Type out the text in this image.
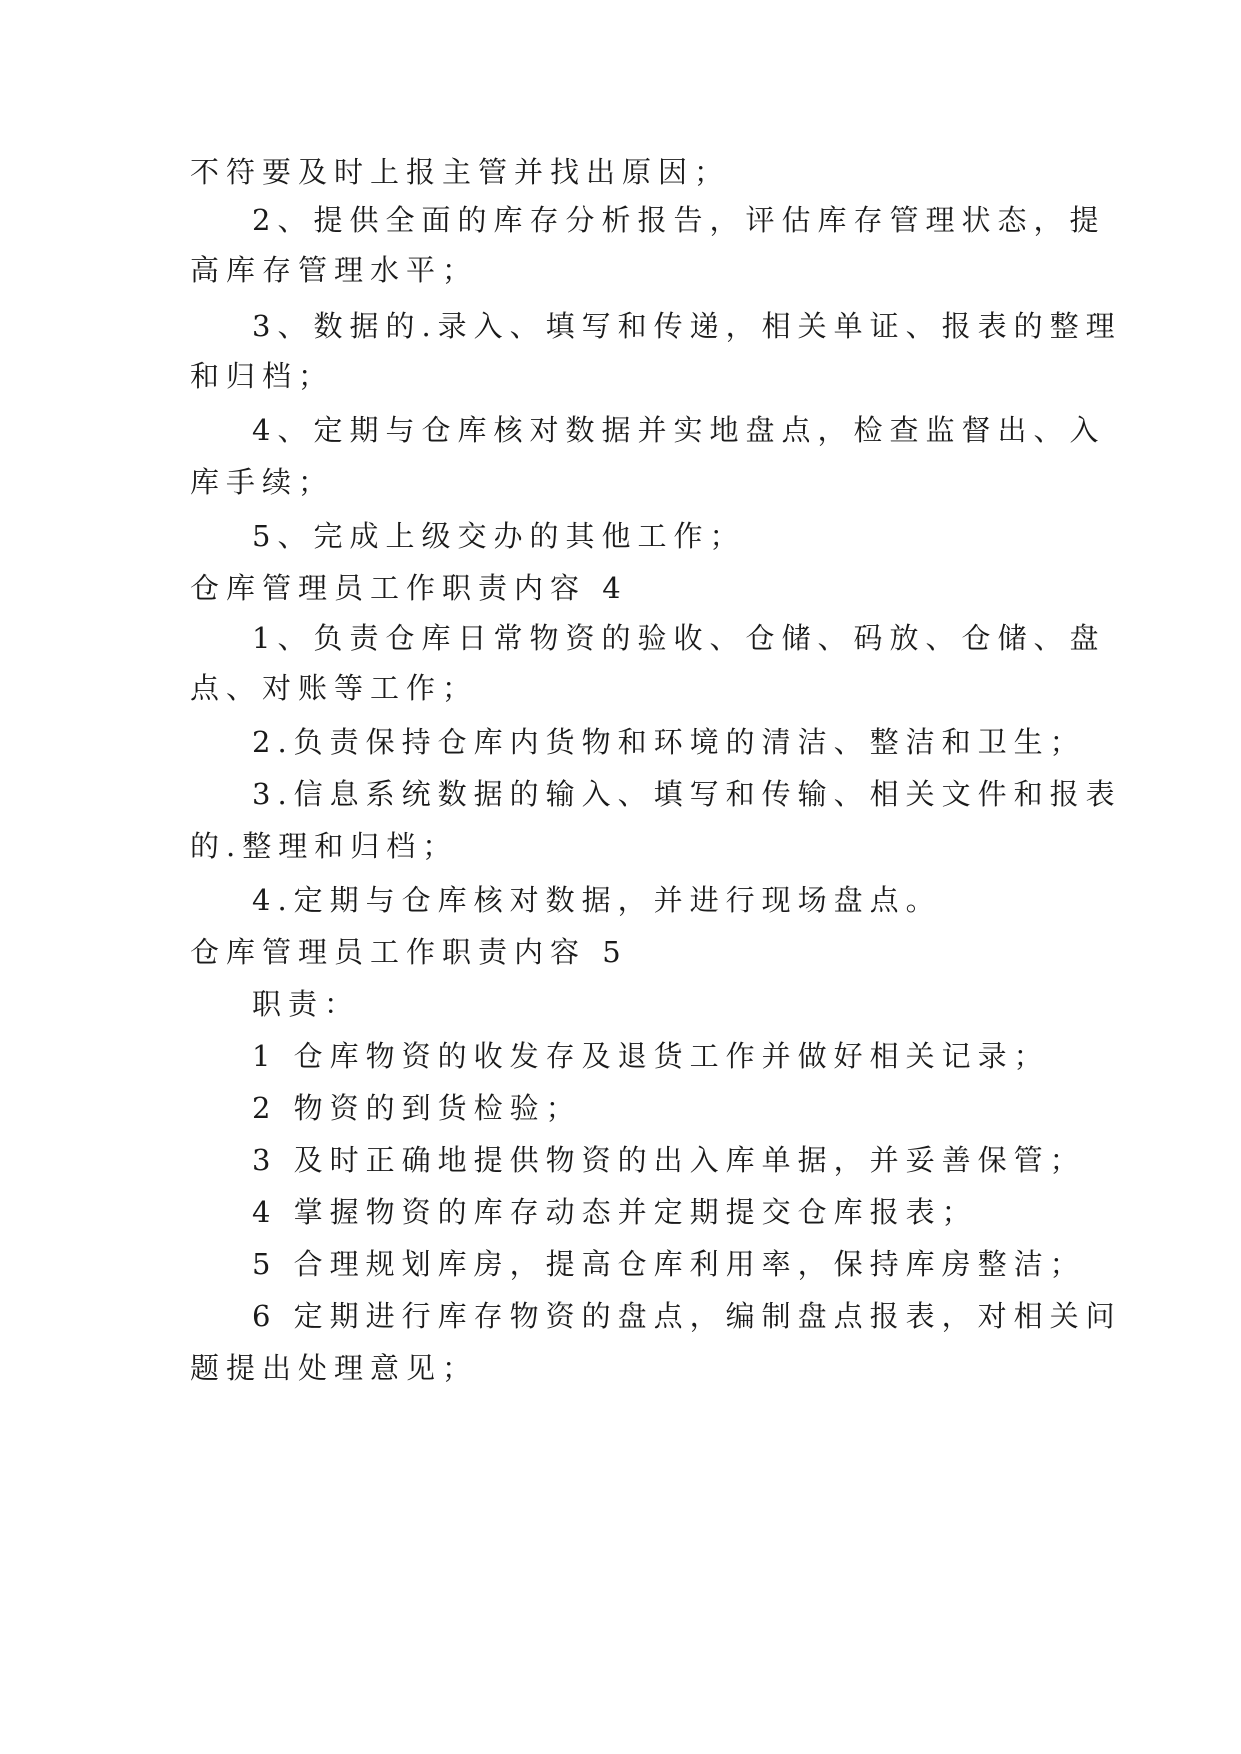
不符要及时上报主管并找出原因；
2、提供全面的库存分析报告，评估库存管理状态，提
高库存管理水平；
3、数据的.录入、填写和传递，相关单证、报表的整理
和归档；
4、定期与仓库核对数据并实地盘点，检查监督出、入
库手续；
5、完成上级交办的其他工作；
仓库管理员工作职责内容 4
1、负责仓库日常物资的验收、仓储、码放、仓储、盘
点、对账等工作；
2.负责保持仓库内货物和环境的清洁、整洁和卫生；
3.信息系统数据的输入、填写和传输、相关文件和报表
的.整理和归档；
4.定期与仓库核对数据，并进行现场盘点。
仓库管理员工作职责内容 5
职责：
1 仓库物资的收发存及退货工作并做好相关记录；
2 物资的到货检验；
3 及时正确地提供物资的出入库单据，并妥善保管；
4 掌握物资的库存动态并定期提交仓库报表；
5 合理规划库房，提高仓库利用率，保持库房整洁；
6 定期进行库存物资的盘点，编制盘点报表，对相关问
题提出处理意见；
